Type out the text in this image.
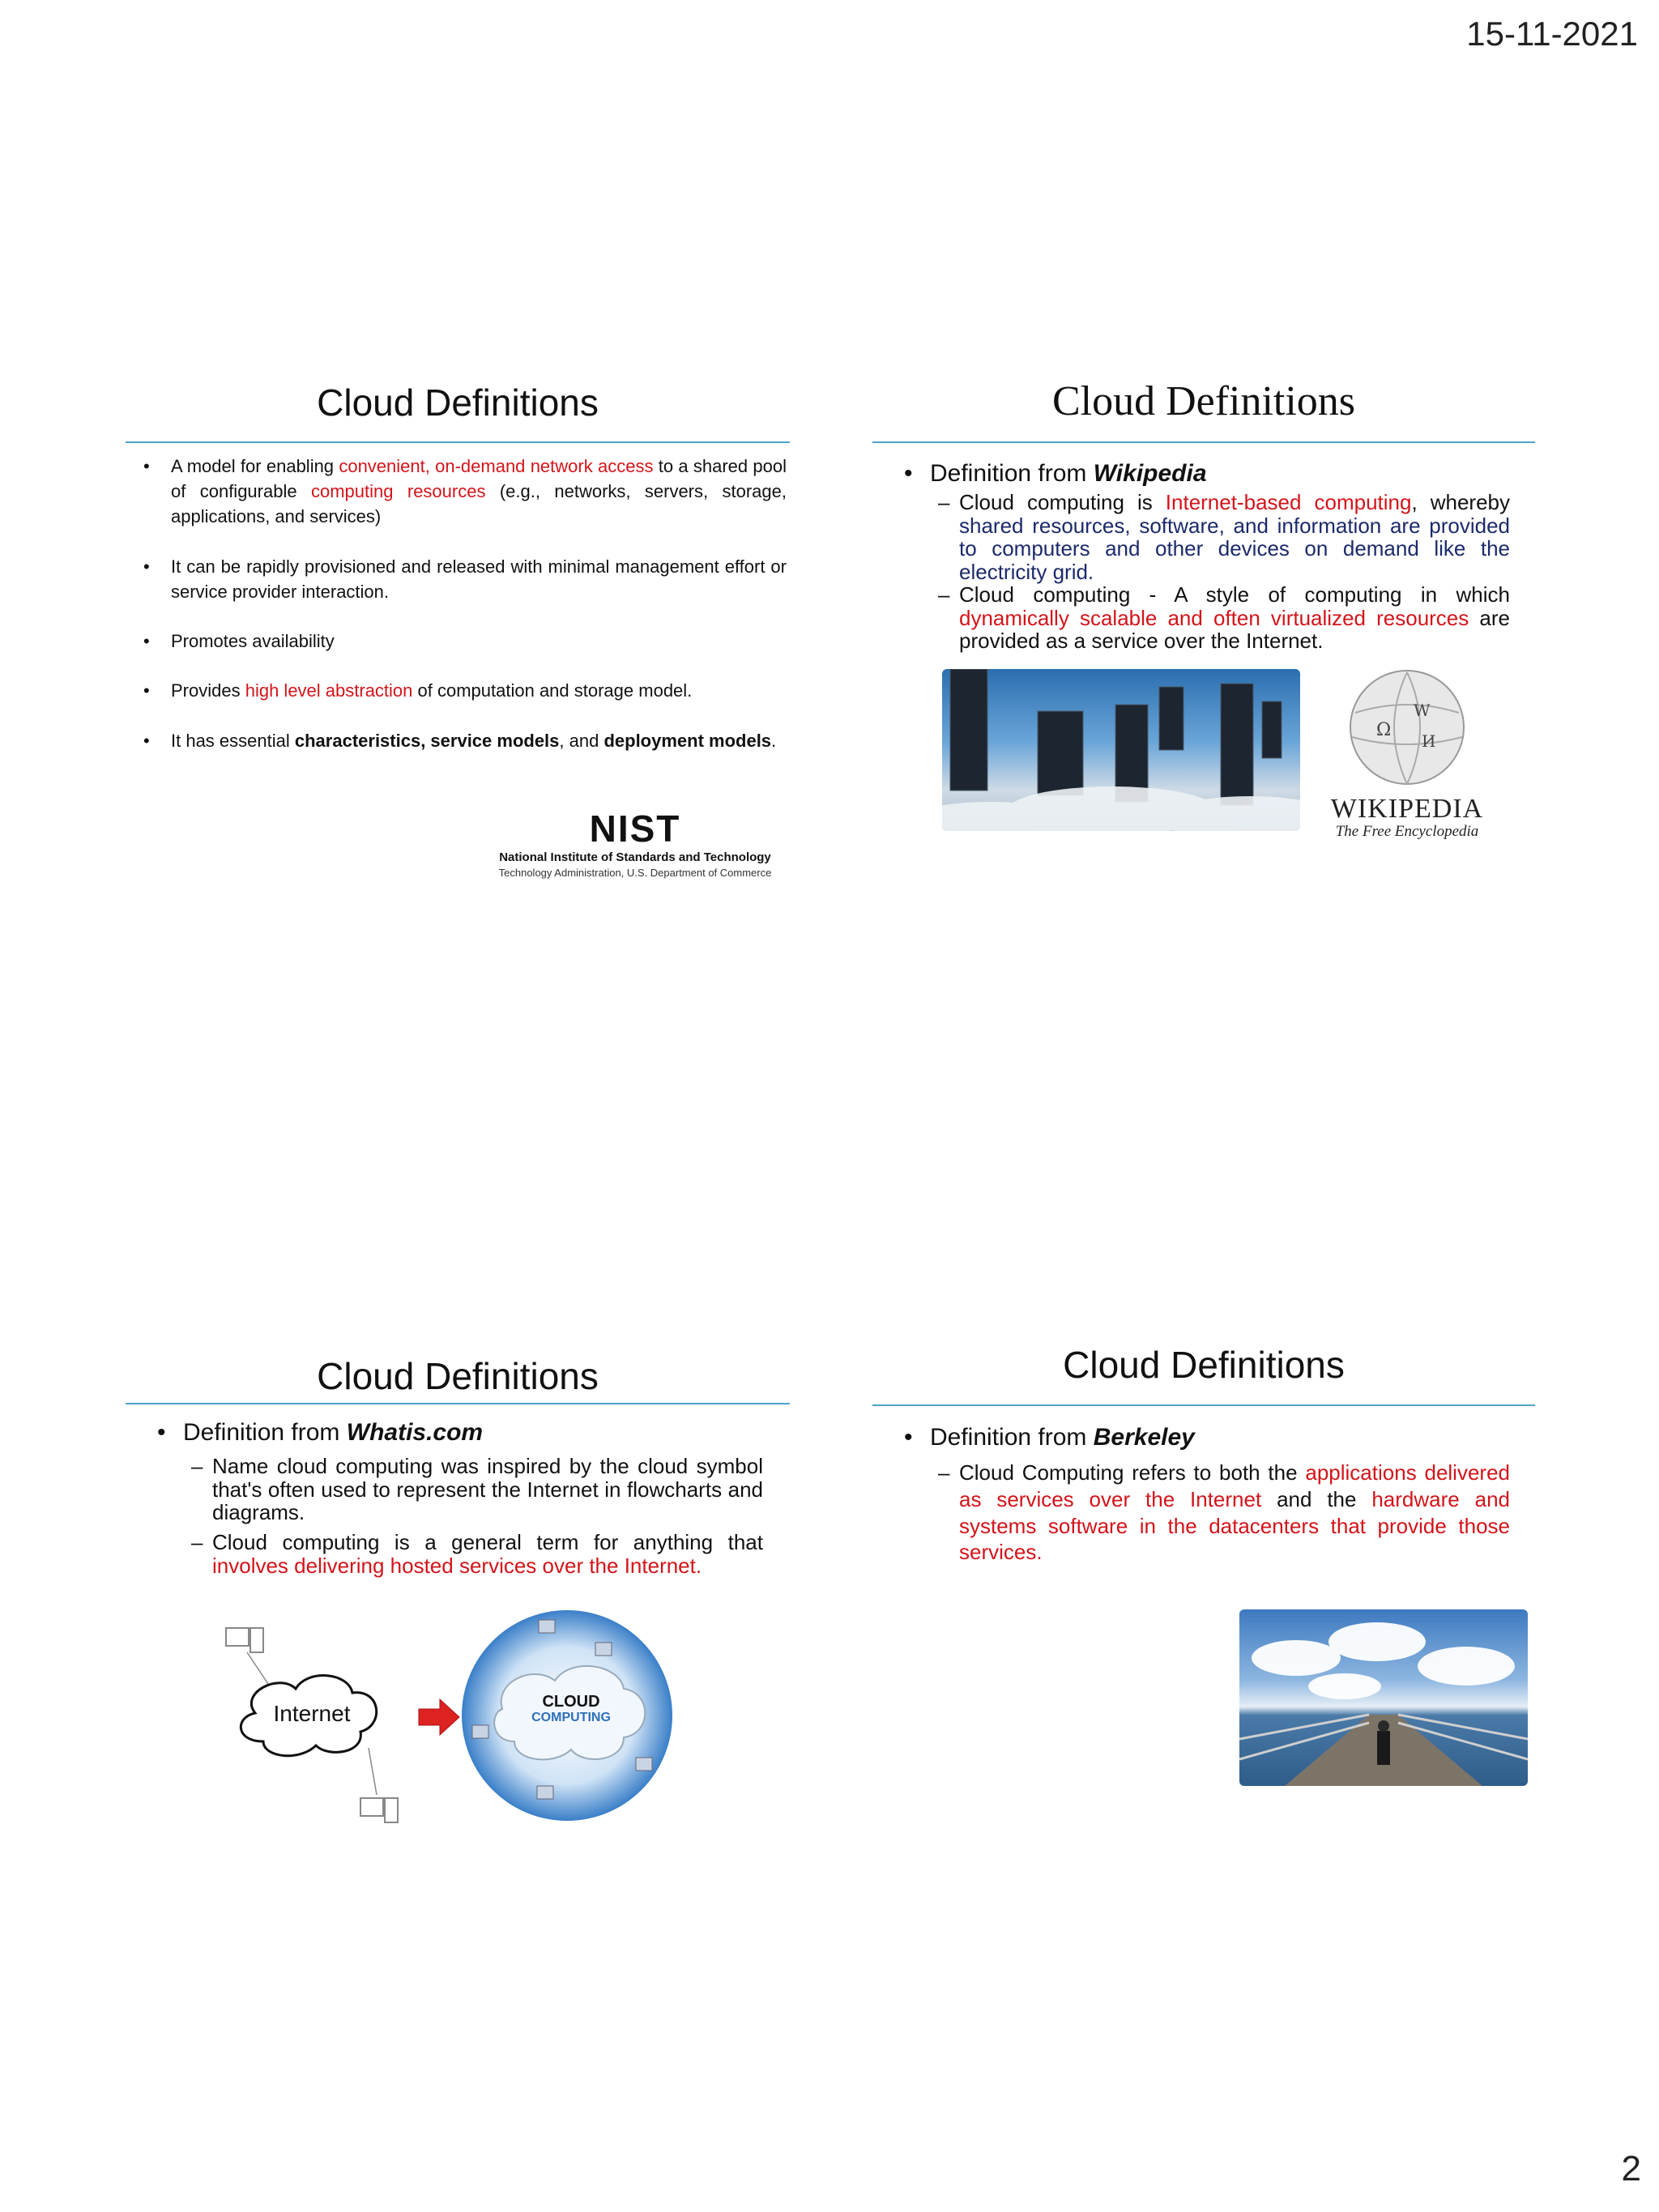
15-11-2021
Cloud Definitions
• A model for enabling convenient, on-demand network access to a shared pool of configurable computing resources (e.g., networks, servers, storage, applications, and services)
• It can be rapidly provisioned and released with minimal management effort or service provider interaction.
• Promotes availability
• Provides high level abstraction of computation and storage model.
• It has essential characteristics, service models, and deployment models.
NIST
National Institute of Standards and Technology
Technology Administration, U.S. Department of Commerce
Cloud Definitions
• Definition from Wikipedia
– Cloud computing is Internet-based computing, whereby shared resources, software, and information are provided to computers and other devices on demand like the electricity grid.
– Cloud computing - A style of computing in which dynamically scalable and often virtualized resources are provided as a service over the Internet.
Ω
W
И
WIKIPEDIA
The Free Encyclopedia
Cloud Definitions
• Definition from Whatis.com
– Name cloud computing was inspired by the cloud symbol that's often used to represent the Internet in flowcharts and diagrams.
– Cloud computing is a general term for anything that involves delivering hosted services over the Internet.
Internet	CLOUD
COMPUTING
Cloud Definitions
• Definition from Berkeley
– Cloud Computing refers to both the applications delivered as services over the Internet and the hardware and systems software in the datacenters that provide those services.
2
